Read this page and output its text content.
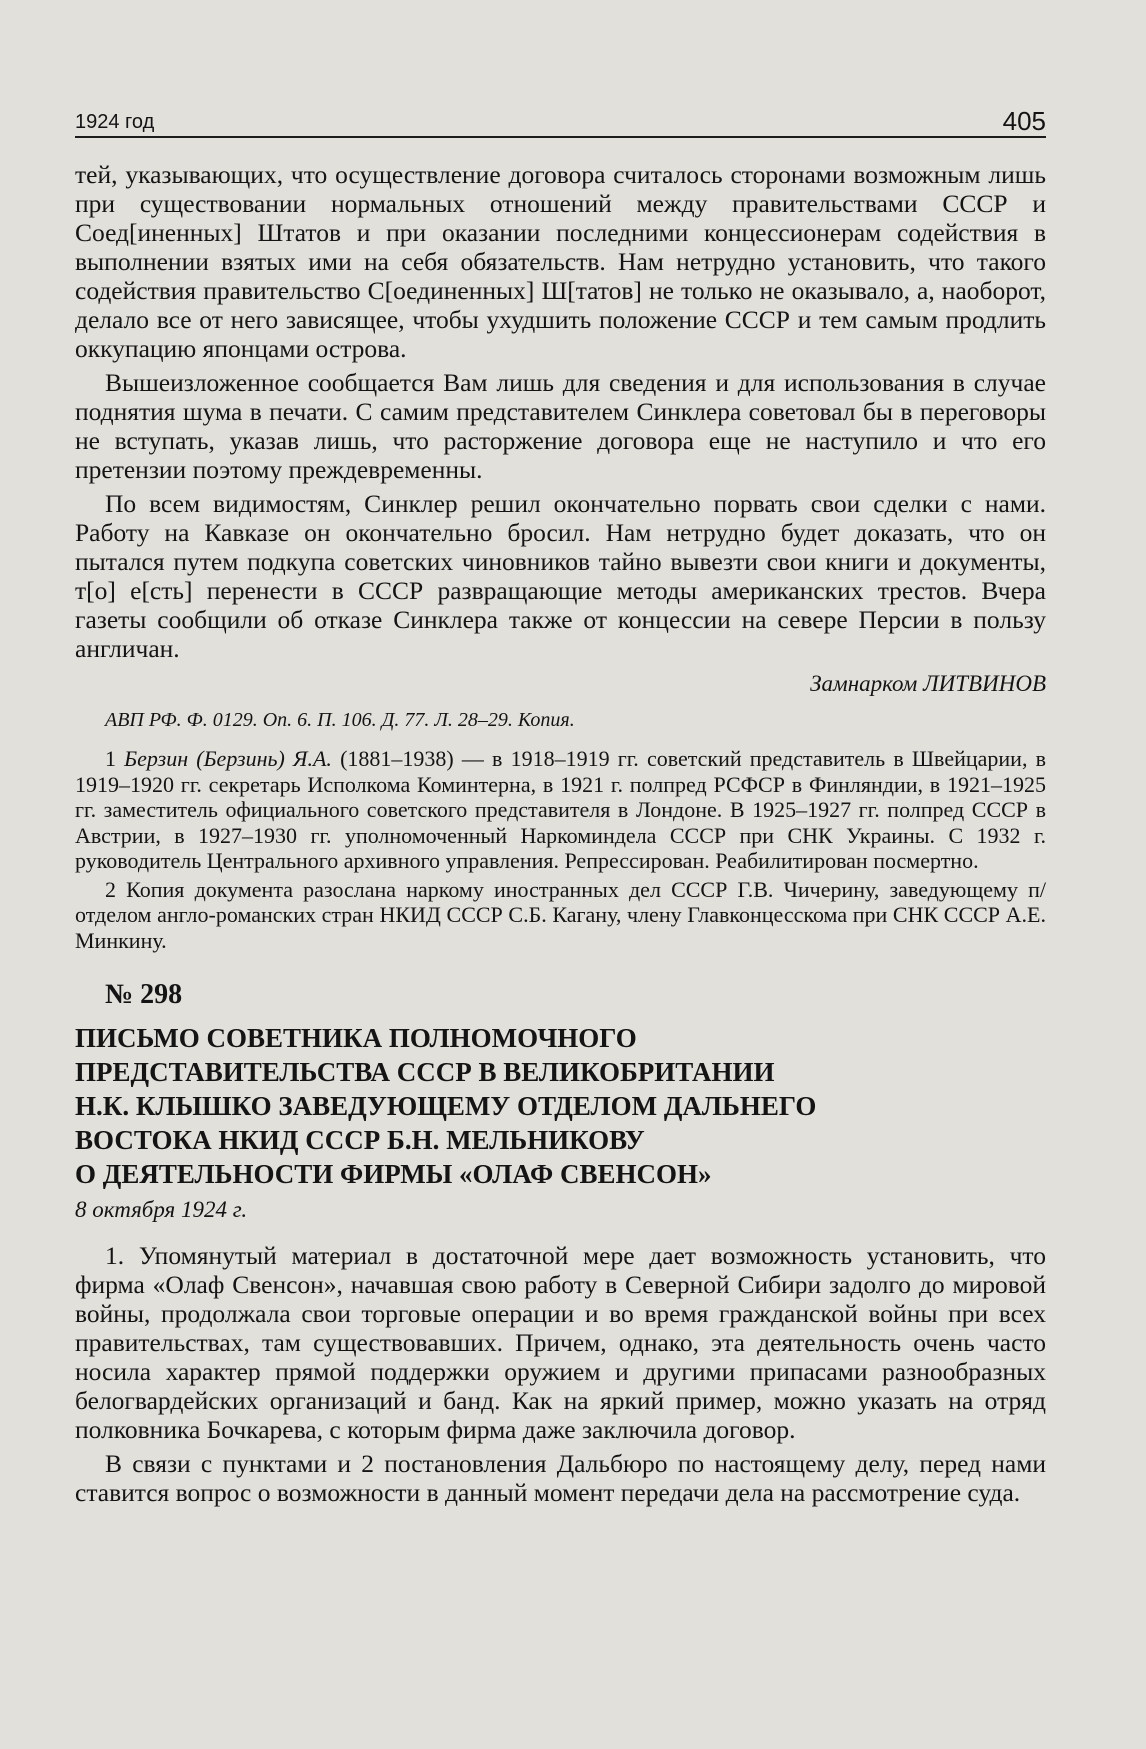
1924 год	405

тей, указывающих, что осуществление договора считалось сторонами возможным лишь при существовании нормальных отношений между правительствами СССР и Соед[иненных] Штатов и при оказании последними концессионерам содействия в выполнении взятых ими на себя обязательств. Нам нетрудно установить, что такого содействия правительство С[оединенных] Ш[татов] не только не оказывало, а, наоборот, делало все от него зависящее, чтобы ухудшить положение СССР и тем самым продлить оккупацию японцами острова.

Вышеизложенное сообщается Вам лишь для сведения и для использования в случае поднятия шума в печати. С самим представителем Синклера советовал бы в переговоры не вступать, указав лишь, что расторжение договора еще не наступило и что его претензии поэтому преждевременны.

По всем видимостям, Синклер решил окончательно порвать свои сделки с нами. Работу на Кавказе он окончательно бросил. Нам нетрудно будет доказать, что он пытался путем подкупа советских чиновников тайно вывезти свои книги и документы, т[о] е[сть] перенести в СССР развращающие методы американских трестов. Вчера газеты сообщили об отказе Синклера также от концессии на севере Персии в пользу англичан.

Замнарком ЛИТВИНОВ
АВП РФ. Ф. 0129. Оп. 6. П. 106. Д. 77. Л. 28–29. Копия.

1 Берзин (Берзинь) Я.А. (1881–1938) — в 1918–1919 гг. советский представитель в Швейцарии, в 1919–1920 гг. секретарь Исполкома Коминтерна, в 1921 г. полпред РСФСР в Финляндии, в 1921–1925 гг. заместитель официального советского представителя в Лондоне. В 1925–1927 гг. полпред СССР в Австрии, в 1927–1930 гг. уполномоченный Наркоминдела СССР при СНК Украины. С 1932 г. руководитель Центрального архивного управления. Репрессирован. Реабилитирован посмертно.

2 Копия документа разослана наркому иностранных дел СССР Г.В. Чичерину, заведующему п/отделом англо-романских стран НКИД СССР С.Б. Кагану, члену Главконцесскома при СНК СССР А.Е. Минкину.

№ 298
ПИСЬМО СОВЕТНИКА ПОЛНОМОЧНОГО
ПРЕДСТАВИТЕЛЬСТВА СССР В ВЕЛИКОБРИТАНИИ
Н.К. КЛЫШКО ЗАВЕДУЮЩЕМУ ОТДЕЛОМ ДАЛЬНЕГО
ВОСТОКА НКИД СССР Б.Н. МЕЛЬНИКОВУ
О ДЕЯТЕЛЬНОСТИ ФИРМЫ «ОЛАФ СВЕНСОН»
8 октября 1924 г.

1. Упомянутый материал в достаточной мере дает возможность установить, что фирма «Олаф Свенсон», начавшая свою работу в Северной Сибири задолго до мировой войны, продолжала свои торговые операции и во время гражданской войны при всех правительствах, там существовавших. Причем, однако, эта деятельность очень часто носила характер прямой поддержки оружием и другими припасами разнообразных белогвардейских организаций и банд. Как на яркий пример, можно указать на отряд полковника Бочкарева, с которым фирма даже заключила договор.

В связи с пунктами и 2 постановления Дальбюро по настоящему делу, перед нами ставится вопрос о возможности в данный момент передачи дела на рассмотрение суда.
